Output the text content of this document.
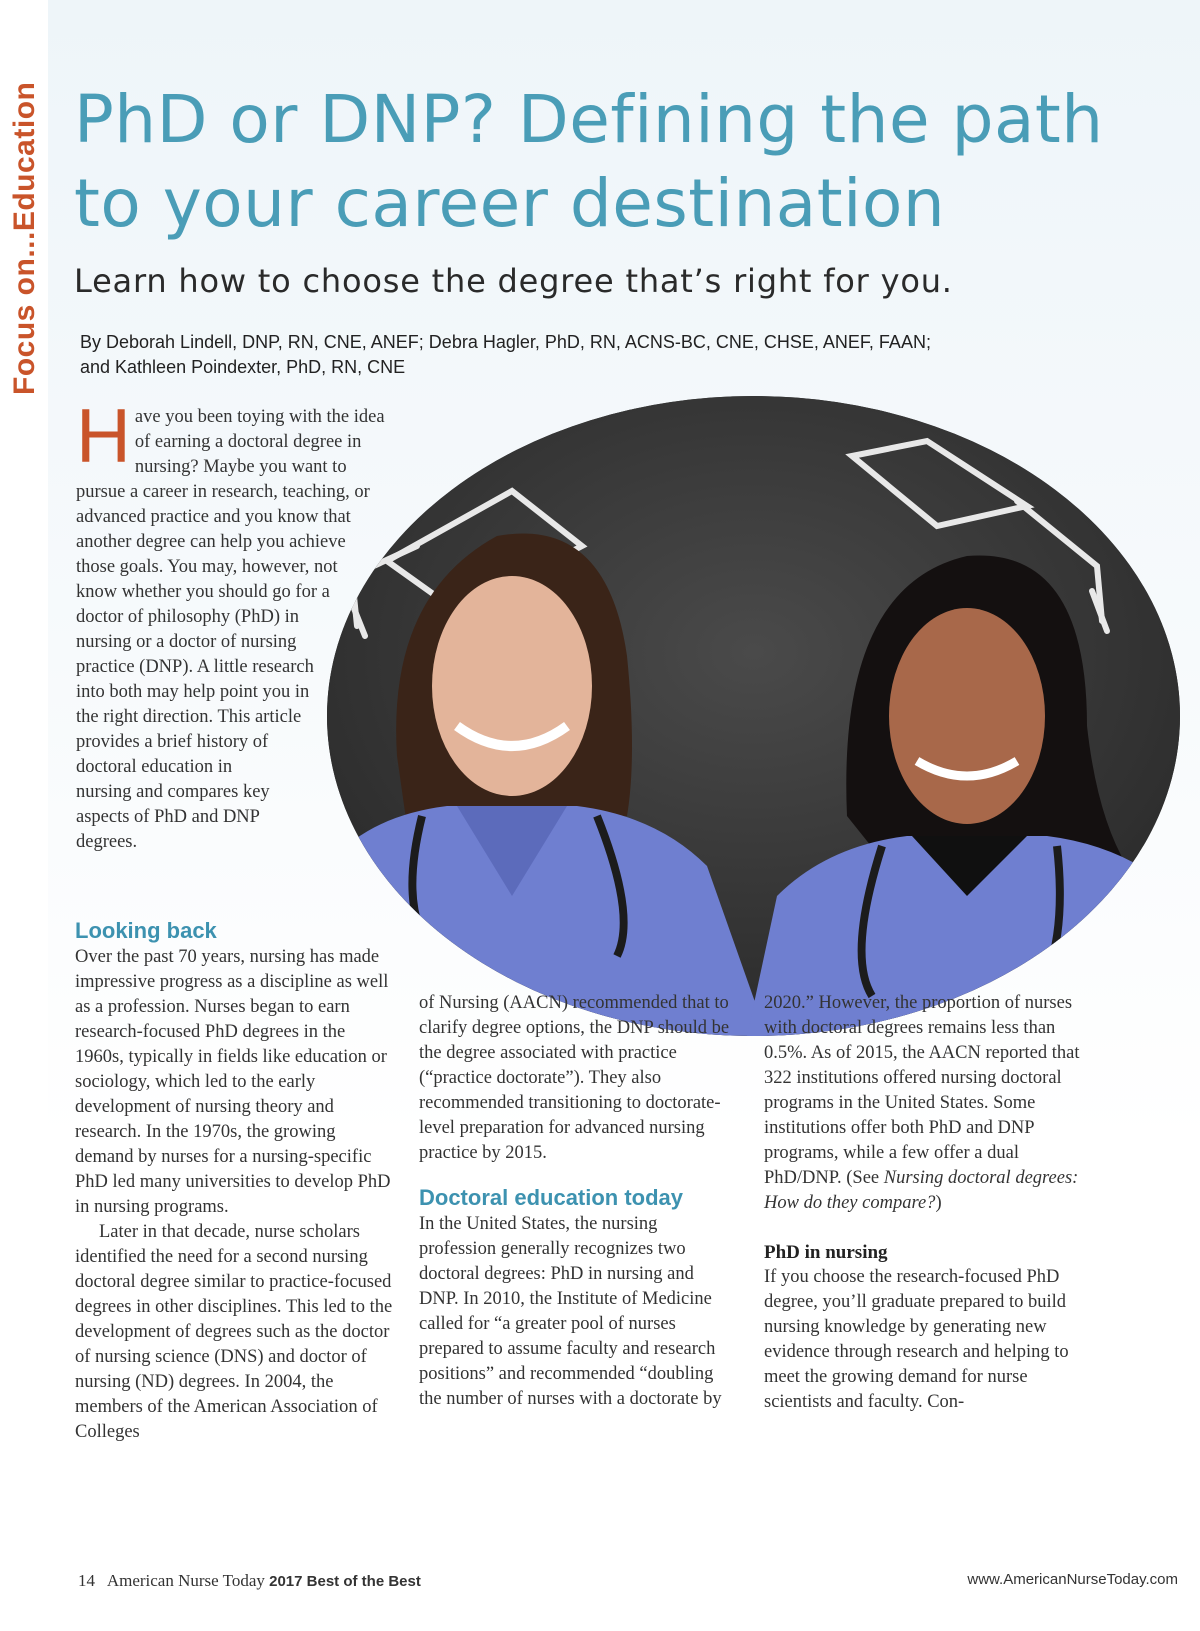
Focus on...Education PhD or DNP? Defining the path to your career destination
Learn how to choose the degree that’s right for you.
By Deborah Lindell, DNP, RN, CNE, ANEF; Debra Hagler, PhD, RN, ACNS-BC, CNE, CHSE, ANEF, FAAN;
and Kathleen Poindexter, PhD, RN, CNE
Have you been toying with the idea of earning a doctoral degree in nursing? Maybe you want to pursue a career in research, teaching, or advanced practice and you know that another degree can help you achieve those goals. You may, however, not know whether you should go for a doctor of philosophy (PhD) in nursing or a doctor of nursing practice (DNP). A little research into both may help point you in the right direction. This article provides a brief history of doctoral education in nursing and compares key aspects of PhD and DNP degrees.
Looking back

Over the past 70 years, nursing has made impressive progress as a discipline as well as a profession. Nurses began to earn research-focused PhD degrees in the 1960s, typically in fields like education or sociology, which led to the early development of nursing theory and research. In the 1970s, the growing demand by nurses for a nursing-specific PhD led many universities to develop PhD in nursing programs.

Later in that decade, nurse scholars identified the need for a second nursing doctoral degree similar to practice-focused degrees in other disciplines. This led to the development of degrees such as the doctor of nursing science (DNS) and doctor of nursing (ND) degrees. In 2004, the members of the American Association of Colleges

of Nursing (AACN) recommended that to clarify degree options, the DNP should be the degree associated with practice (“practice doctorate”). They also recommended transitioning to doctorate-level preparation for advanced nursing practice by 2015.

Doctoral education today

In the United States, the nursing profession generally recognizes two doctoral degrees: PhD in nursing and DNP. In 2010, the Institute of Medicine called for “a greater pool of nurses prepared to assume faculty and research positions” and recommended “doubling the number of nurses with a doctorate by

2020.” However, the proportion of nurses with doctoral degrees remains less than 0.5%. As of 2015, the AACN reported that 322 institutions offered nursing doctoral programs in the United States. Some institutions offer both PhD and DNP programs, while a few offer a dual PhD/DNP. (See Nursing doctoral degrees: How do they compare?)

PhD in nursing

If you choose the research-focused PhD degree, you’ll graduate prepared to build nursing knowledge by generating new evidence through research and helping to meet the growing demand for nurse scientists and faculty. Con-

14 American Nurse Today 2017 Best of the Best	www.AmericanNurseToday.com
